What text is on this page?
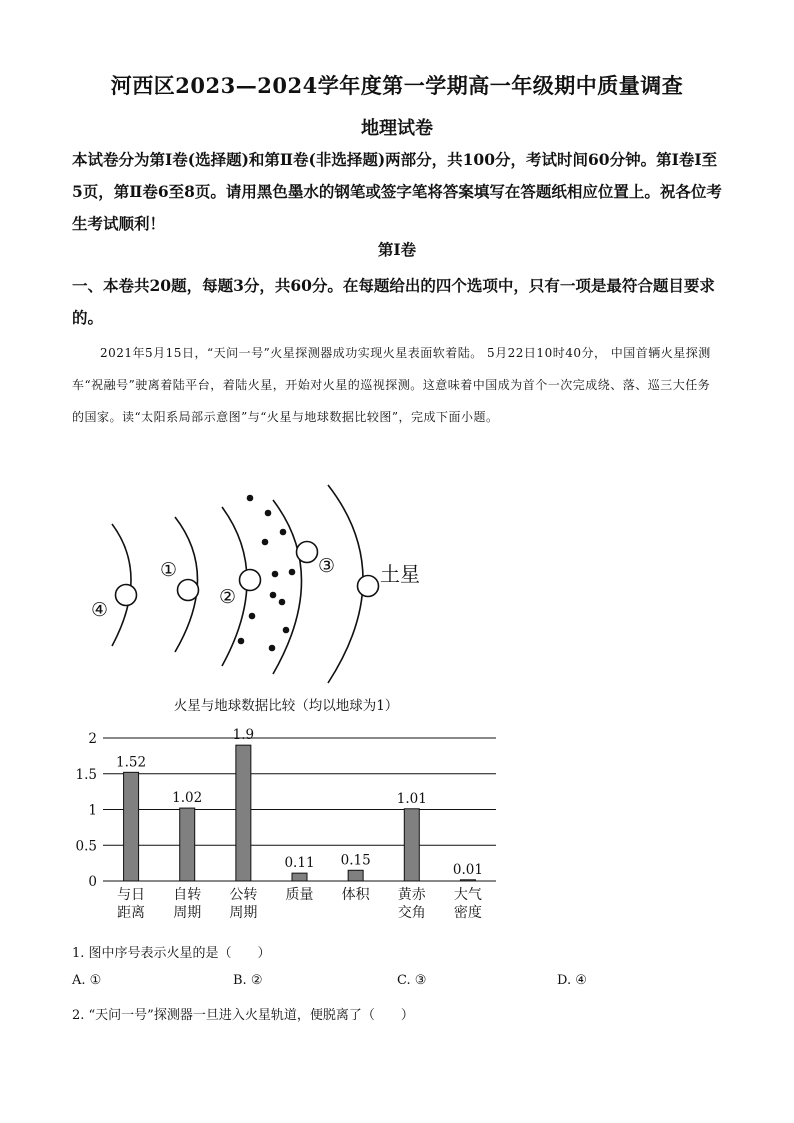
河西区2023—2024学年度第一学期高一年级期中质量调查
地理试卷
本试卷分为第Ⅰ卷(选择题)和第Ⅱ卷(非选择题)两部分，共100分，考试时间60分钟。第Ⅰ卷Ⅰ至5页，第Ⅱ卷6至8页。请用黑色墨水的钢笔或签字笔将答案填写在答题纸相应位置上。祝各位考生考试顺利！
第Ⅰ卷
一、本卷共20题，每题3分，共60分。在每题给出的四个选项中，只有一项是最符合题目要求的。
2021年5月15日，“天问一号”火星探测器成功实现火星表面软着陆。 5月22日10时40分， 中国首辆火星探测车“祝融号”驶离着陆平台，着陆火星，开始对火星的巡视探测。这意味着中国成为首个一次完成绕、落、巡三大任务的国家。读“太阳系局部示意图”与“火星与地球数据比较图”，完成下面小题。
④
①
②
③ 土星
火星与地球数据比较（均以地球为1）
0
0.5
1
1.5
2
1.52
与日
距离
1.02
自转
周期
1.9
公转
周期
0.11
质量
0.15
体积
1.01
黄赤
交角
0.01
大气
密度
1. 图中序号表示火星的是（　　）
A. ①	B. ②	C. ③	D. ④
2. “天问一号”探测器一旦进入火星轨道，便脱离了（　　）
